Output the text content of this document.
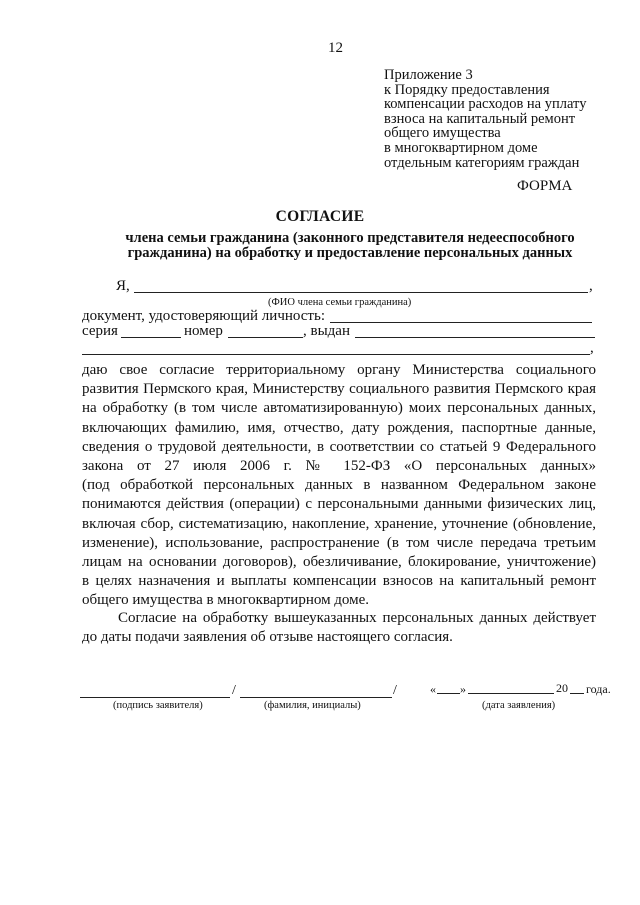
12
Приложение 3
к Порядку предоставления
компенсации расходов на уплату
взноса на капитальный ремонт
общего имущества
в многоквартирном доме
отдельным категориям граждан
ФОРМА
СОГЛАСИЕ
члена семьи гражданина (законного представителя недееспособного
гражданина) на обработку и предоставление персональных данных
Я,	,
(ФИО члена семьи гражданина)
документ, удостоверяющий личность:
серия	номер	, выдан
,
даю свое согласие территориальному органу Министерства социального
развития Пермского края, Министерству социального развития Пермского края
на обработку (в том числе автоматизированную) моих персональных данных,
включающих фамилию, имя, отчество, дату рождения, паспортные данные,
сведения о трудовой деятельности, в соответствии со статьей 9 Федерального
закона от 27 июля 2006 г. № 152-ФЗ «О персональных данных»
(под обработкой персональных данных в названном Федеральном законе
понимаются действия (операции) с персональными данными физических лиц,
включая сбор, систематизацию, накопление, хранение, уточнение (обновление,
изменение), использование, распространение (в том числе передача третьим
лицам на основании договоров), обезличивание, блокирование, уничтожение)
в целях назначения и выплаты компенсации взносов на капитальный ремонт
общего имущества в многоквартирном доме.
Согласие на обработку вышеуказанных персональных данных действует
до даты подачи заявления об отзыве настоящего согласия.
/	/	« »	20 года.
(подпись заявителя)	(фамилия, инициалы)	(дата заявления)
